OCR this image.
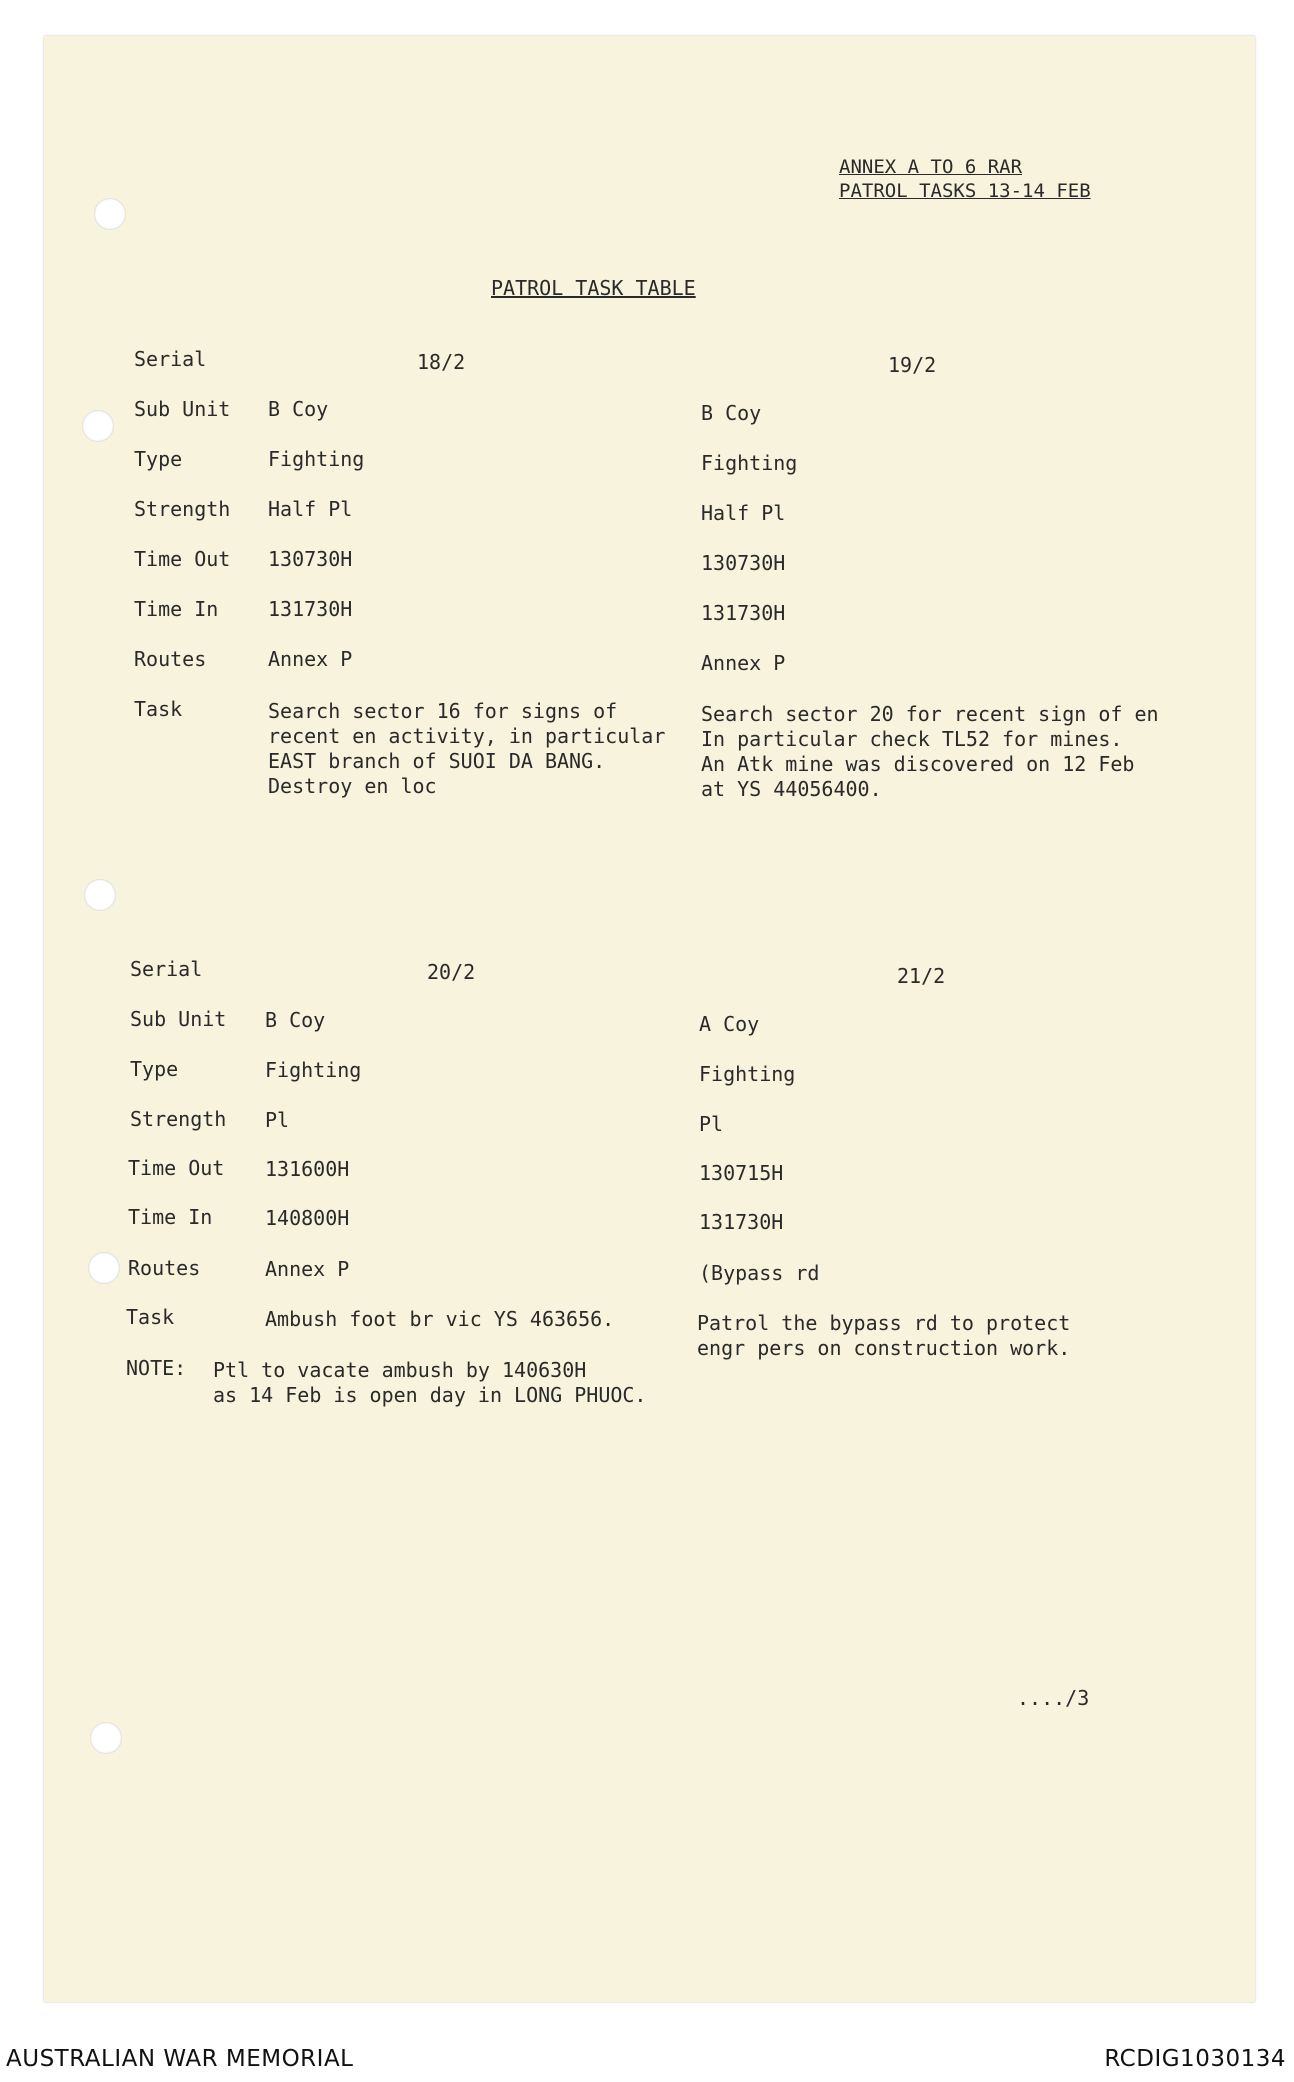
ANNEX A TO 6 RAR
PATROL TASKS 13-14 FEB
PATROL TASK TABLE
Serial
Sub Unit
Type
Strength
Time Out
Time In
Routes
Task
18/2
B Coy
Fighting
Half Pl
130730H
131730H
Annex P
Search sector 16 for signs of
recent en activity, in particular
EAST branch of SUOI DA BANG.
Destroy en loc
19/2
B Coy
Fighting
Half Pl
130730H
131730H
Annex P
Search sector 20 for recent sign of en
In particular check TL52 for mines.
An Atk mine was discovered on 12 Feb
at YS 44056400.
Serial
Sub Unit
Type
Strength
Time Out
Time In
Routes
Task
20/2
B Coy
Fighting
Pl
131600H
140800H
Annex P
Ambush foot br vic YS 463656.
21/2
A Coy
Fighting
Pl
130715H
131730H
(Bypass rd
Patrol the bypass rd to protect
engr pers on construction work.
NOTE: Ptl to vacate ambush by 140630H
as 14 Feb is open day in LONG PHUOC.
..../3
AUSTRALIAN WAR MEMORIAL	RCDIG1030134
